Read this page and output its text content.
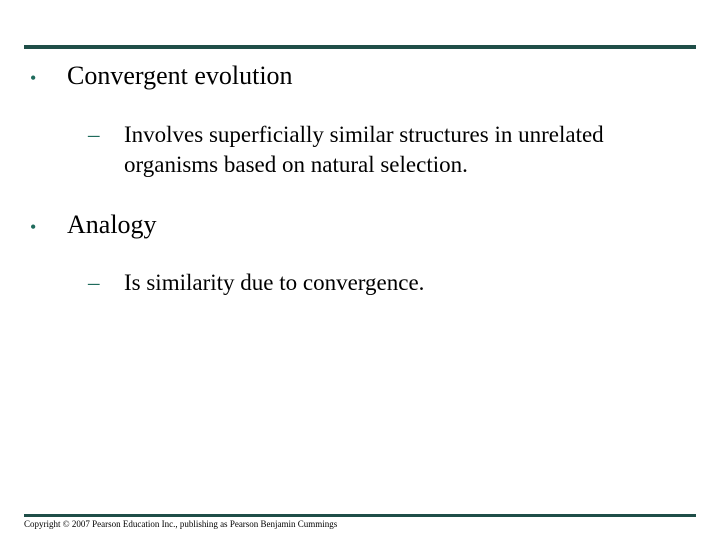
•	Convergent evolution
–	Involves superficially similar structures in unrelated organisms based on natural selection.
•	Analogy
–	Is similarity due to convergence.
Copyright © 2007 Pearson Education Inc., publishing as Pearson Benjamin Cummings
